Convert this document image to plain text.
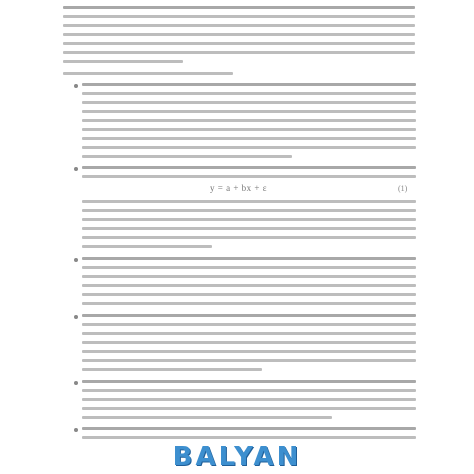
y = a + bx + ε	(1)
BALYAN
